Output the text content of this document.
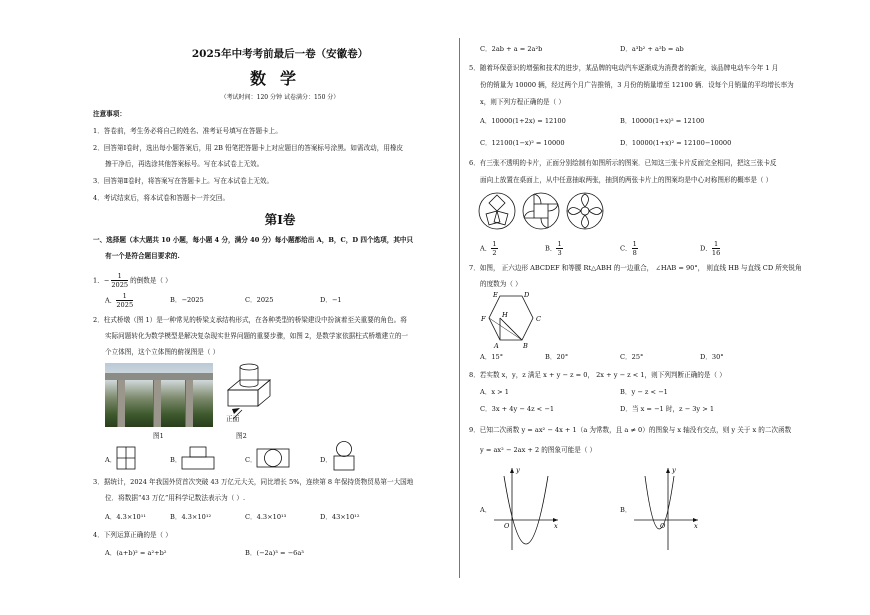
2025年中考考前最后一卷（安徽卷）
数学
（考试时间：120 分钟 试卷满分：150 分）
注意事项：
1．答卷前，考生务必将自己的姓名、准考证号填写在答题卡上。
2．回答第Ⅰ卷时，选出每小题答案后，用 2B 铅笔把答题卡上对应题目的答案标号涂黑。如需改动，用橡皮
擦干净后，再选涂其他答案标号。写在本试卷上无效。
3．回答第Ⅱ卷时，将答案写在答题卡上。写在本试卷上无效。
4．考试结束后，将本试卷和答题卡一并交回。
第Ⅰ卷
一、选择题（本大题共 10 小题，每小题 4 分，满分 40 分）每小题都给出 A，B，C，D 四个选项，其中只
有一个是符合题目要求的.
1．− $\frac{1}{2025}$ 的倒数是（ ）
A． $\frac{1}{2025}$	B．−2025	C．2025	D．−1
2．柱式桥墩（图 1）是一种常见的桥梁支承结构形式，在各种类型的桥梁建设中扮演着至关重要的角色。将
实际问题转化为数学模型是解决复杂现实世界问题的重要步骤，如图 2，是数学家依据柱式桥墩建立的一
个立体图，这个立体图的俯视图是（ ）
图1
正面
图2
A．	B．	C．	D．
3．据统计，2024 年我国外贸首次突破 43 万亿元大关，同比增长 5%，连续第 8 年保持货物贸易第一大国地
位．将数据“43 万亿”用科学记数法表示为（ ）.
A．4.3×10¹¹	B．4.3×10¹²	C．4.3×10¹³	D．43×10¹²
4．下列运算正确的是（ ）
A．(a+b)² = a²+b²	B．(−2a)³ = −6a³
C．2ab + a = 2a²b	D．a³b² + a²b = ab
5．随着环保意识的增强和技术的进步，某品牌的电动汽车逐渐成为消费者的新宠，该品牌电动车今年 1 月
份的销量为 10000 辆，经过两个月广告推销，3 月份的销量增至 12100 辆．设每个月销量的平均增长率为
x，则下列方程正确的是（ ）
A．10000(1+2x) = 12100	B．10000(1+x)² = 12100
C．12100(1−x)² = 10000	D．10000(1+x)² = 12100−10000
6．有三张不透明的卡片，正面分别绘制有如图所示的图案．已知这三张卡片反面完全相同，把这三张卡反
面向上放置在桌面上，从中任意抽取两张，抽到的两张卡片上的图案均是中心对称图形的概率是（ ）
A． $\frac{1}{2}$	B． $\frac{1}{3}$	C． $\frac{1}{8}$	D． $\frac{1}{16}$
7．如图， 正六边形 ABCDEF 和等腰 Rt△ABH 的一边重合， ∠HAB = 90°， 则直线 HB 与直线 CD 所夹锐角
的度数为（ ）
E	D
F H	C
A	B
A．15°	B．20°	C．25°	D．30°
8．若实数 x，y，z 满足 x + y − z = 0， 2x + y − z < 1，则下列判断正确的是（ ）
A．x > 1	B．y − z < −1
C．3x + 4y − 4z < −1	D．当 x = −1 时，z − 3y > 1
9．已知二次函数 y = ax² − 4x + 1（a 为常数，且 a ≠ 0）的图象与 x 轴没有交点，则 y 关于 x 的二次函数
y = ax² − 2ax + 2 的图象可能是（ ）
A．
y
x
O
B．
y
x
O
